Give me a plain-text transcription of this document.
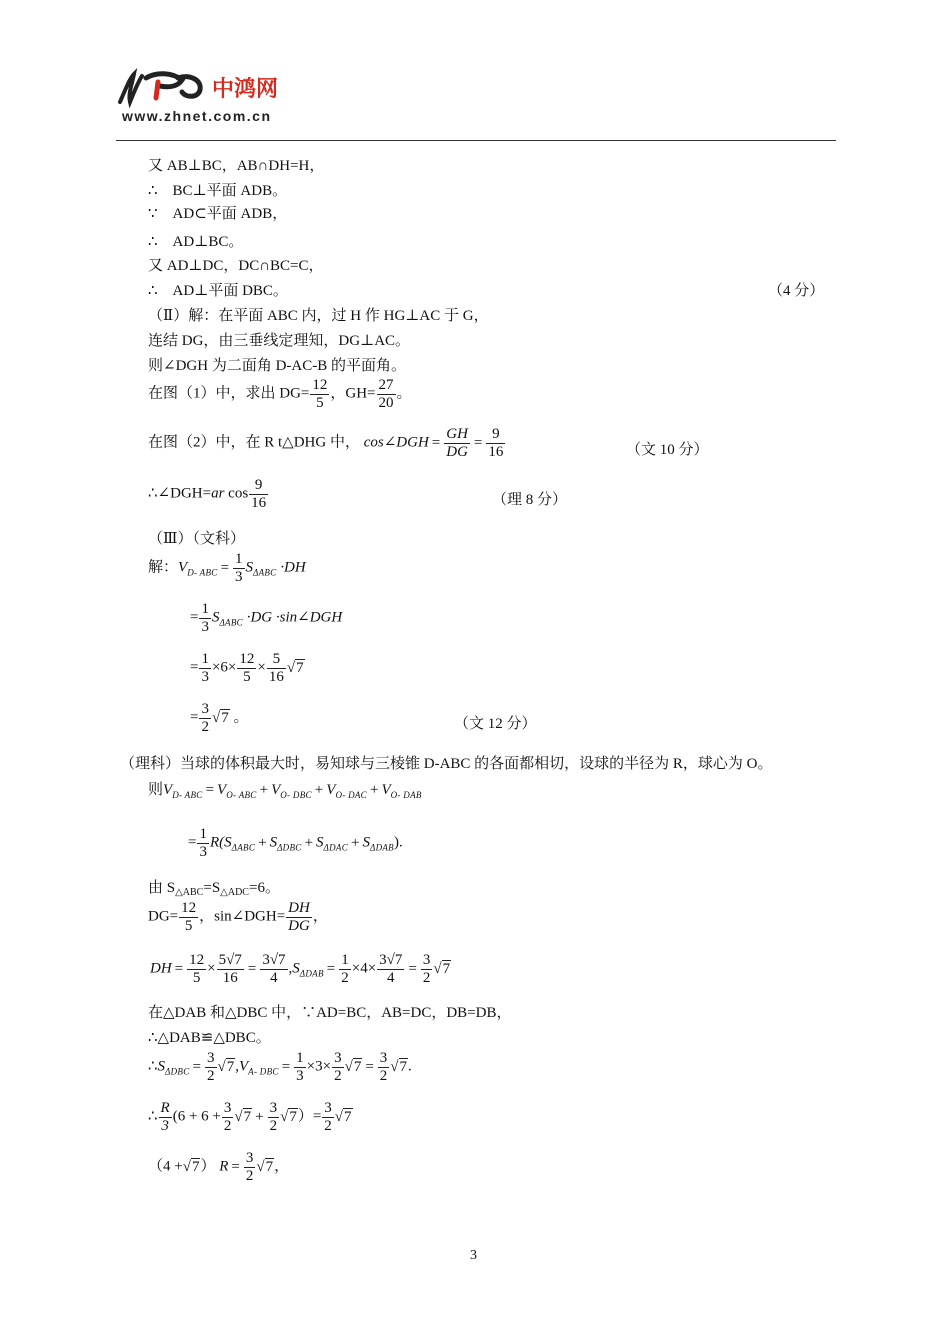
中鸿网
www.zhnet.com.cn
又 AB⊥BC，AB∩DH=H，
∴　BC⊥平面 ADB。
∵　AD⊂平面 ADB，
∴　AD⊥BC。
又 AD⊥DC，DC∩BC=C，
∴　AD⊥平面 DBC。	（4 分）
（Ⅱ）解：在平面 ABC 内，过 H 作 HG⊥AC 于 G，
连结 DG，由三垂线定理知，DG⊥AC。
则∠DGH 为二面角 D-AC-B 的平面角。
在图（1）中，求出 $DG= \frac{12}{5}$ ，$GH= \frac{27}{20}$ 。
在图（2）中，在 R t△DHG 中， cos∠DGH = $\frac{GH}{DG} = \frac{9}{16}$	（文 10 分）
∴∠DGH=ar $\cos \frac{9}{16}$	（理 8 分）
（Ⅲ）（文科）
解：$V_{D- ABC} = \frac{1}{3} S_{\Delta ABC} \cdot DH$
= $\frac{1}{3} S_{\Delta ABC} \cdot DG$ ·sin∠DGH
= $\frac{1}{3} \times 6\times \frac{12}{5} \times \frac{5}{16} √7$
= $\frac{3}{2} √7$ 。	（文 12 分）
（理科）当球的体积最大时，易知球与三棱锥 D-ABC 的各面都相切，设球的半径为 R，球心为 O。
则$V_{D- ABC} = V_{O- ABC} + V_{O- DBC} + V_{O- DAC} + V_{O- DAB}$
= $\frac{1}{3} R(S_{\Delta ABC} + S_{\Delta DBC} + S_{\Delta DAC} + S_{\Delta DAB})$.
由 $S_{\triangle ABC}=S_{\triangle ADC}=6$。
$DG= \frac{12}{5}$ ，sin∠DGH= $\frac{DH}{DG}$ ，
DH = $\frac{12}{5} \times \frac{5√7}{16} = \frac{3√7}{4} ,S_{\Delta DAB} = \frac{1}{2} \times 4\times \frac{3√7}{4} = \frac{3}{2} √7$
在△DAB 和△DBC 中，∵AD=BC，AB=DC，DB=DB，
∴△DAB≌△DBC。
$\therefore S_{\Delta DBC} = \frac{3}{2} √7,V_{A- DBC} = \frac{1}{3} \times 3\times \frac{3}{2} √7 = \frac{3}{2} √7$.
∴ $\frac{R}{3} (6 + 6 + \frac{3}{2} √7 + \frac{3}{2} √7)= \frac{3}{2} √7$
（4 +√7） $R = \frac{3}{2} √7$，
3
